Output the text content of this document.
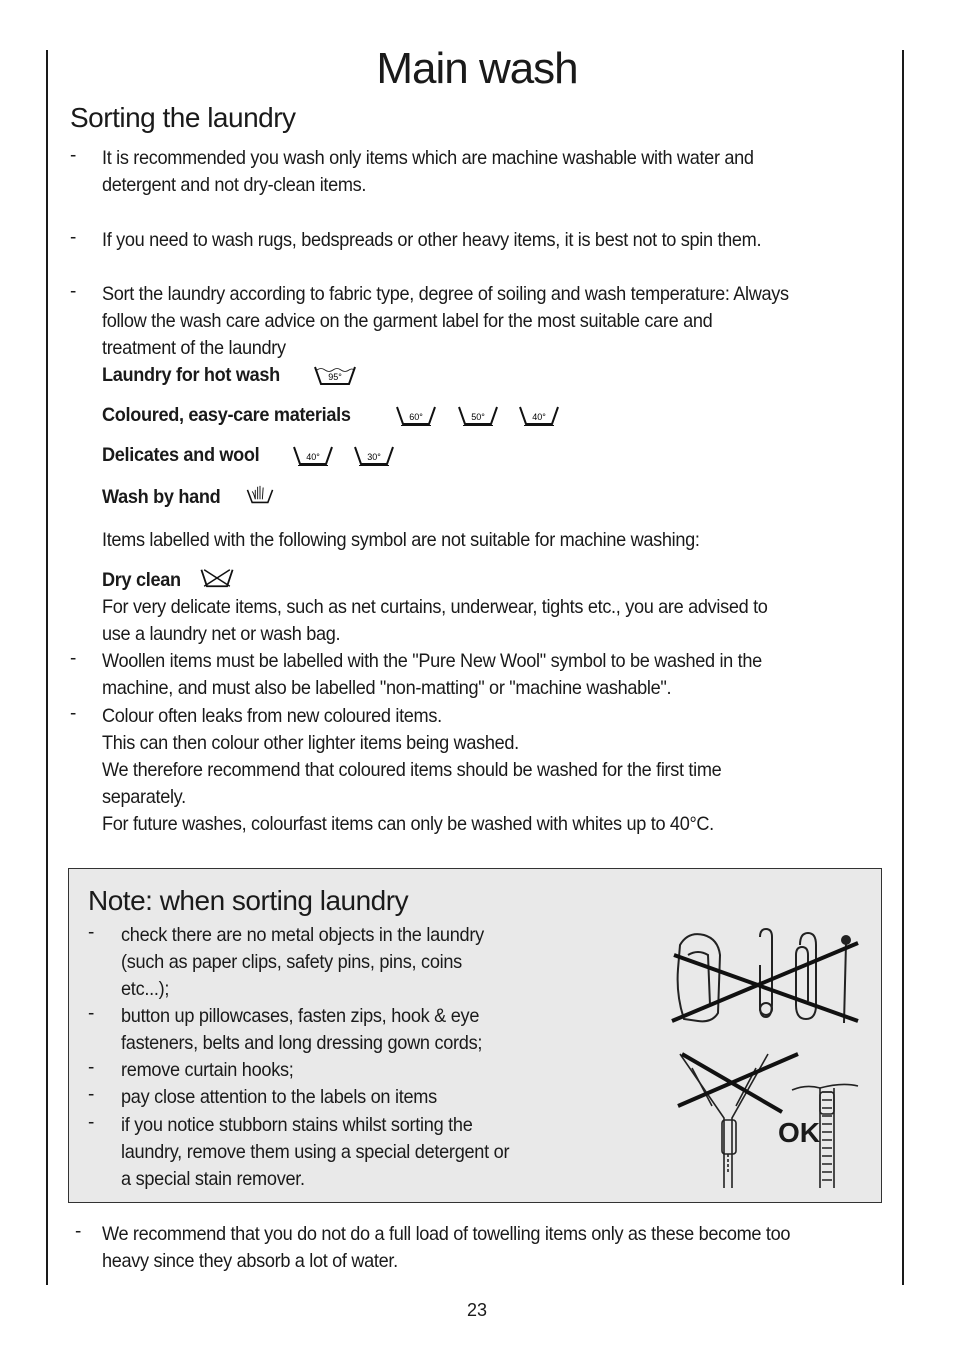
Main wash
Sorting the laundry
- It is recommended you wash only items which are machine washable with water and
detergent and not dry-clean items.
- If you need to wash rugs, bedspreads or other heavy items, it is best not to spin them.
- Sort the laundry according to fabric type, degree of soiling and wash temperature: Always
follow the wash care advice on the garment label for the most suitable care and
treatment of the laundry
Laundry for hot wash	95°
Coloured, easy-care materials	60°	50°	40°
Delicates and wool	40°	30°
Wash by hand
Items labelled with the following symbol are not suitable for machine washing:
Dry clean
For very delicate items, such as net curtains, underwear, tights etc., you are advised to
use a laundry net or wash bag.
- Woollen items must be labelled with the "Pure New Wool" symbol to be washed in the
machine, and must also be labelled "non-matting" or "machine washable".
- Colour often leaks from new coloured items.
This can then colour other lighter items being washed.
We therefore recommend that coloured items should be washed for the first time
separately.
For future washes, colourfast items can only be washed with whites up to 40°C.
Note: when sorting laundry
- check there are no metal objects in the laundry
(such as paper clips, safety pins, pins, coins
etc...);
- button up pillowcases, fasten zips, hook & eye
fasteners, belts and long dressing gown cords;
- remove curtain hooks;
- pay close attention to the labels on items
- if you notice stubborn stains whilst sorting the
laundry, remove them using a special detergent or
a special stain remover.
OK
- We recommend that you do not do a full load of towelling items only as these become too
heavy since they absorb a lot of water.
23
